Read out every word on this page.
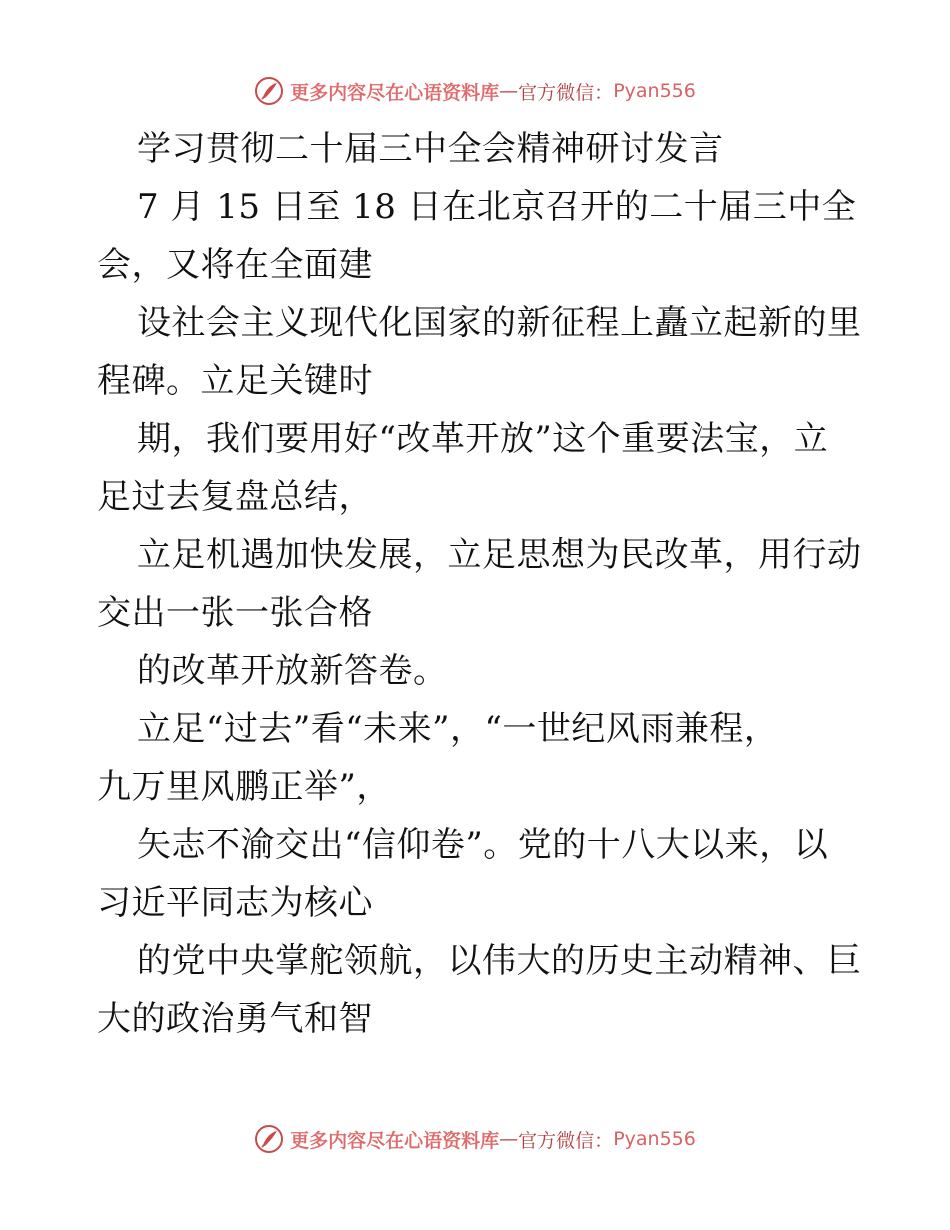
更多内容尽在心语资料库 — 官方微信： Pyan556
学习贯彻二十届三中全会精神研讨发言
7 月 15 日至 18 日在北京召开的二十届三中全
会，又将在全面建
设社会主义现代化国家的新征程上矗立起新的里
程碑。立足关键时
期，我们要用好“改革开放”这个重要法宝，立
足过去复盘总结，
立足机遇加快发展，立足思想为民改革，用行动
交出一张一张合格
的改革开放新答卷。
立足“过去”看“未来”，“一世纪风雨兼程，
九万里风鹏正举”，
矢志不渝交出“信仰卷”。党的十八大以来，以
习近平同志为核心
的党中央掌舵领航，以伟大的历史主动精神、巨
大的政治勇气和智
更多内容尽在心语资料库 — 官方微信： Pyan556
